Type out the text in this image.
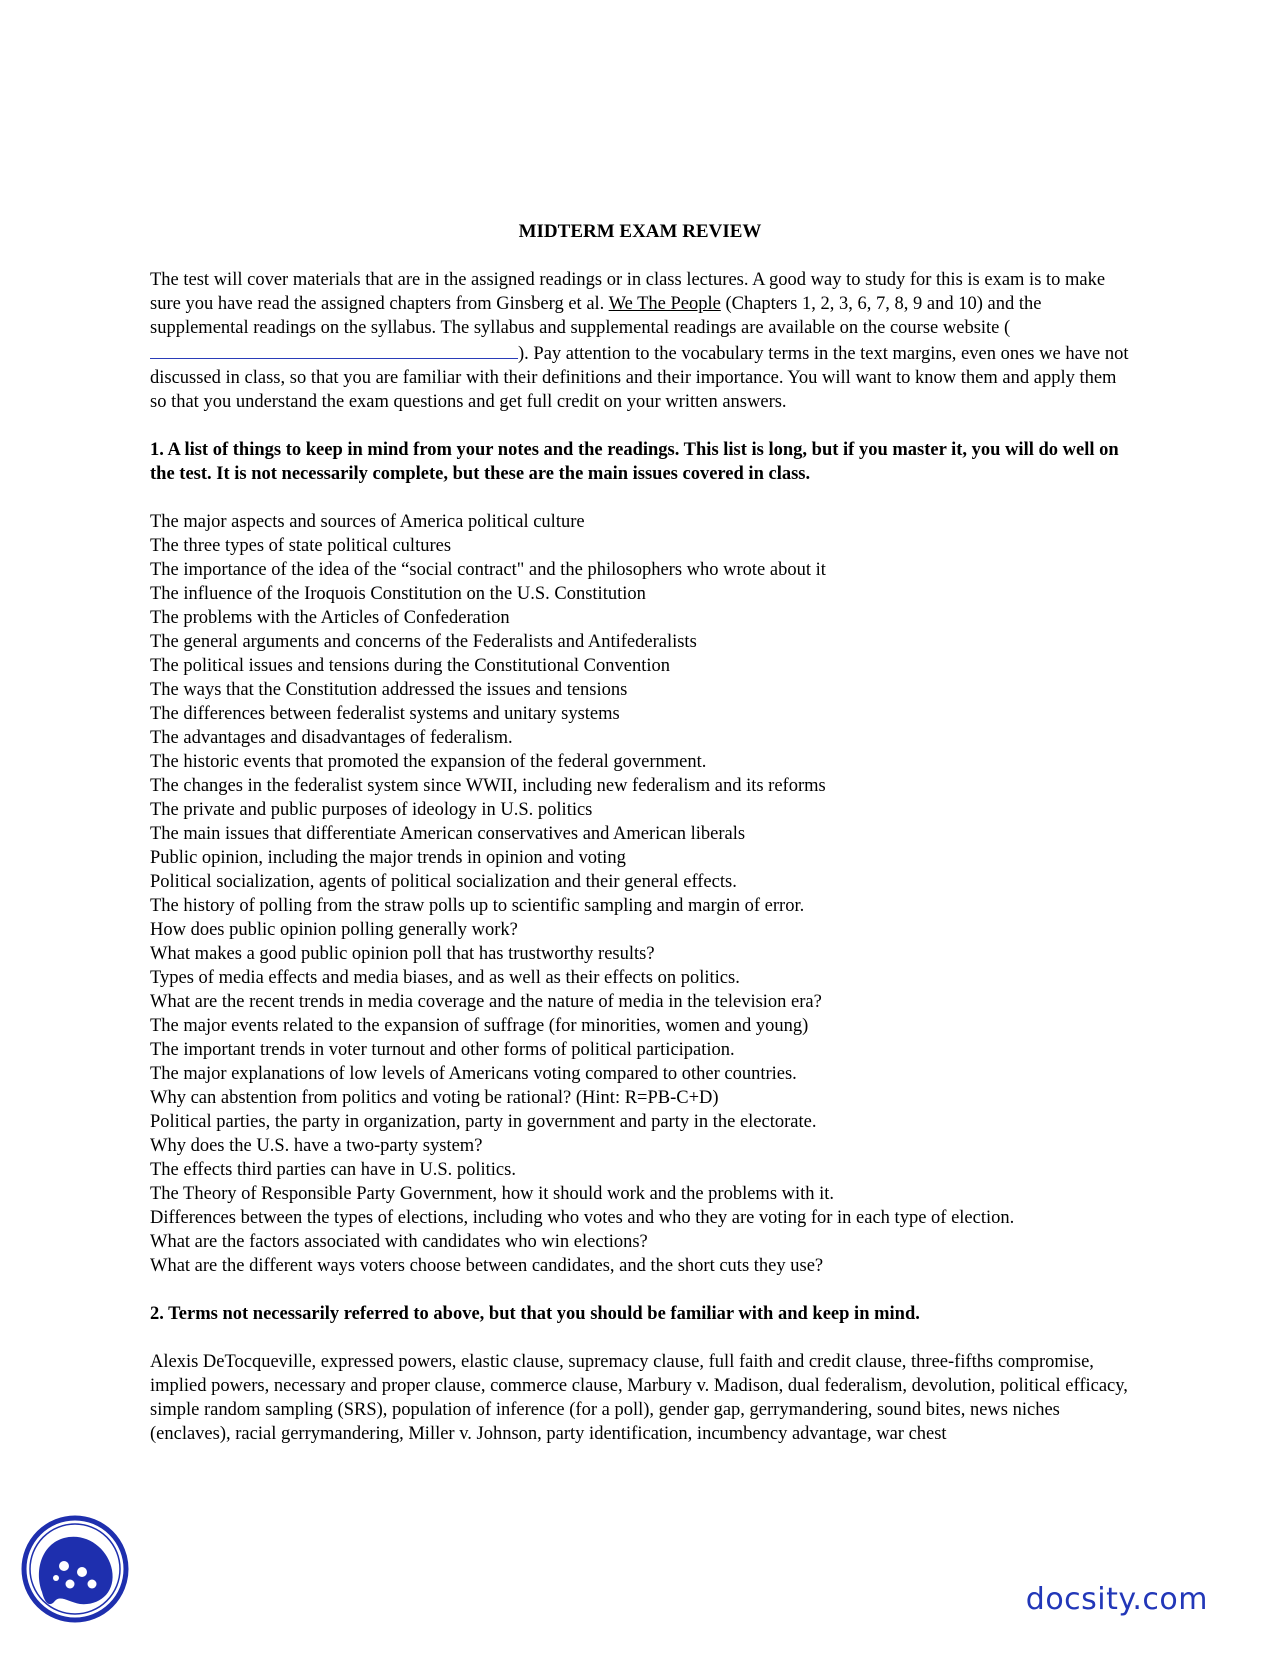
MIDTERM EXAM REVIEW

The test will cover materials that are in the assigned readings or in class lectures. A good way to study for this is exam is to make sure you have read the assigned chapters from Ginsberg et al. We The People (Chapters 1, 2, 3, 6, 7, 8, 9 and 10) and the supplemental readings on the syllabus. The syllabus and supplemental readings are available on the course website (). Pay attention to the vocabulary terms in the text margins, even ones we have not discussed in class, so that you are familiar with their definitions and their importance. You will want to know them and apply them so that you understand the exam questions and get full credit on your written answers.

1. A list of things to keep in mind from your notes and the readings. This list is long, but if you master it, you will do well on the test. It is not necessarily complete, but these are the main issues covered in class.

The major aspects and sources of America political culture
The three types of state political cultures
The importance of the idea of the “social contract" and the philosophers who wrote about it
The influence of the Iroquois Constitution on the U.S. Constitution
The problems with the Articles of Confederation
The general arguments and concerns of the Federalists and Antifederalists
The political issues and tensions during the Constitutional Convention
The ways that the Constitution addressed the issues and tensions
The differences between federalist systems and unitary systems
The advantages and disadvantages of federalism.
The historic events that promoted the expansion of the federal government.
The changes in the federalist system since WWII, including new federalism and its reforms
The private and public purposes of ideology in U.S. politics
The main issues that differentiate American conservatives and American liberals
Public opinion, including the major trends in opinion and voting
Political socialization, agents of political socialization and their general effects.
The history of polling from the straw polls up to scientific sampling and margin of error.
How does public opinion polling generally work?
What makes a good public opinion poll that has trustworthy results?
Types of media effects and media biases, and as well as their effects on politics.
What are the recent trends in media coverage and the nature of media in the television era?
The major events related to the expansion of suffrage (for minorities, women and young)
The important trends in voter turnout and other forms of political participation.
The major explanations of low levels of Americans voting compared to other countries.
Why can abstention from politics and voting be rational? (Hint: R=PB-C+D)
Political parties, the party in organization, party in government and party in the electorate.
Why does the U.S. have a two-party system?
The effects third parties can have in U.S. politics.
The Theory of Responsible Party Government, how it should work and the problems with it.
Differences between the types of elections, including who votes and who they are voting for in each type of election.
What are the factors associated with candidates who win elections?
What are the different ways voters choose between candidates, and the short cuts they use?

2. Terms not necessarily referred to above, but that you should be familiar with and keep in mind.

Alexis DeTocqueville, expressed powers, elastic clause, supremacy clause, full faith and credit clause, three-fifths compromise, implied powers, necessary and proper clause, commerce clause, Marbury v. Madison, dual federalism, devolution, political efficacy, simple random sampling (SRS), population of inference (for a poll), gender gap, gerrymandering, sound bites, news niches (enclaves), racial gerrymandering, Miller v. Johnson, party identification, incumbency advantage, war chest

docsity.com
